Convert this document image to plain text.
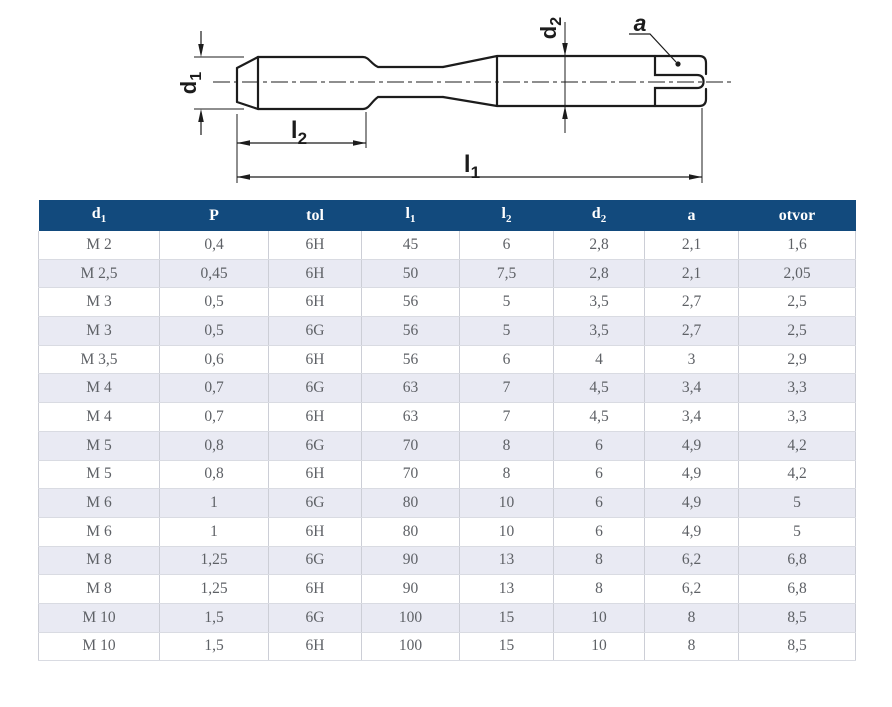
$d_1$
$l_2$
$l_1$
$d_2$	a
$d_1$	P	tol	$l_1$	$l_2$	$d_2$	a	otvor
M 2	0,4	6H	45	6	2,8	2,1	1,6
M 2,5	0,45	6H	50	7,5	2,8	2,1	2,05
M 3	0,5	6H	56	5	3,5	2,7	2,5
M 3	0,5	6G	56	5	3,5	2,7	2,5
M 3,5	0,6	6H	56	6	4	3	2,9
M 4	0,7	6G	63	7	4,5	3,4	3,3
M 4	0,7	6H	63	7	4,5	3,4	3,3
M 5	0,8	6G	70	8	6	4,9	4,2
M 5	0,8	6H	70	8	6	4,9	4,2
M 6	1	6G	80	10	6	4,9	5
M 6	1	6H	80	10	6	4,9	5
M 8	1,25	6G	90	13	8	6,2	6,8
M 8	1,25	6H	90	13	8	6,2	6,8
M 10	1,5	6G	100	15	10	8	8,5
M 10	1,5	6H	100	15	10	8	8,5
